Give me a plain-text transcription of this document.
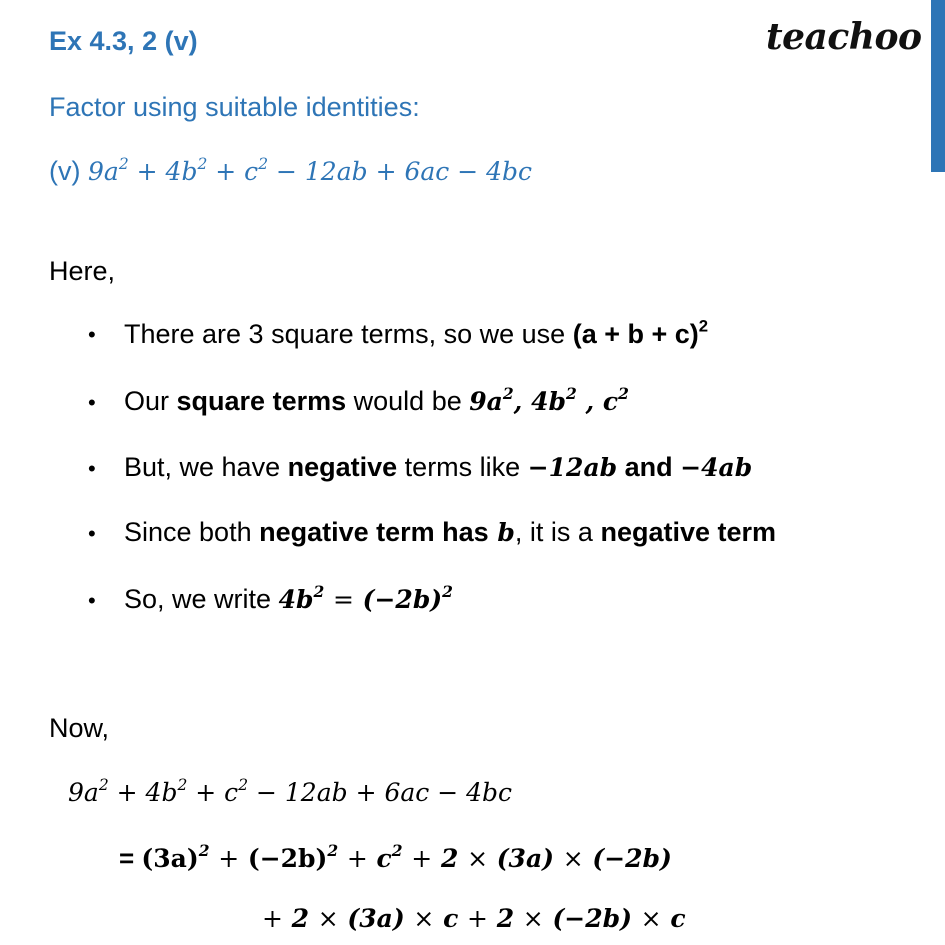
Ex 4.3, 2 (v)	teachoo
Factor using suitable identities:
(v) $9a^2 + 4b^2 + c^2 - 12ab + 6ac - 4bc$
Here,
• There are 3 square terms, so we use $(a + b + c)^2$
• Our square terms would be $9a^2$, $4b^2$ , $c^2$
• But, we have negative terms like −12ab and −4ab
• Since both negative term has b, it is a negative term
• So, we write $4b^2 = (-2b)^2$
Now,
$9a^2 + 4b^2 + c^2 - 12ab + 6ac - 4bc$
= $(3a)^2 + (-2b)^2 + c^2 + 2 \times (3a) \times (-2b)$
+ 2 × (3a) × c + 2 × (−2b) × c
